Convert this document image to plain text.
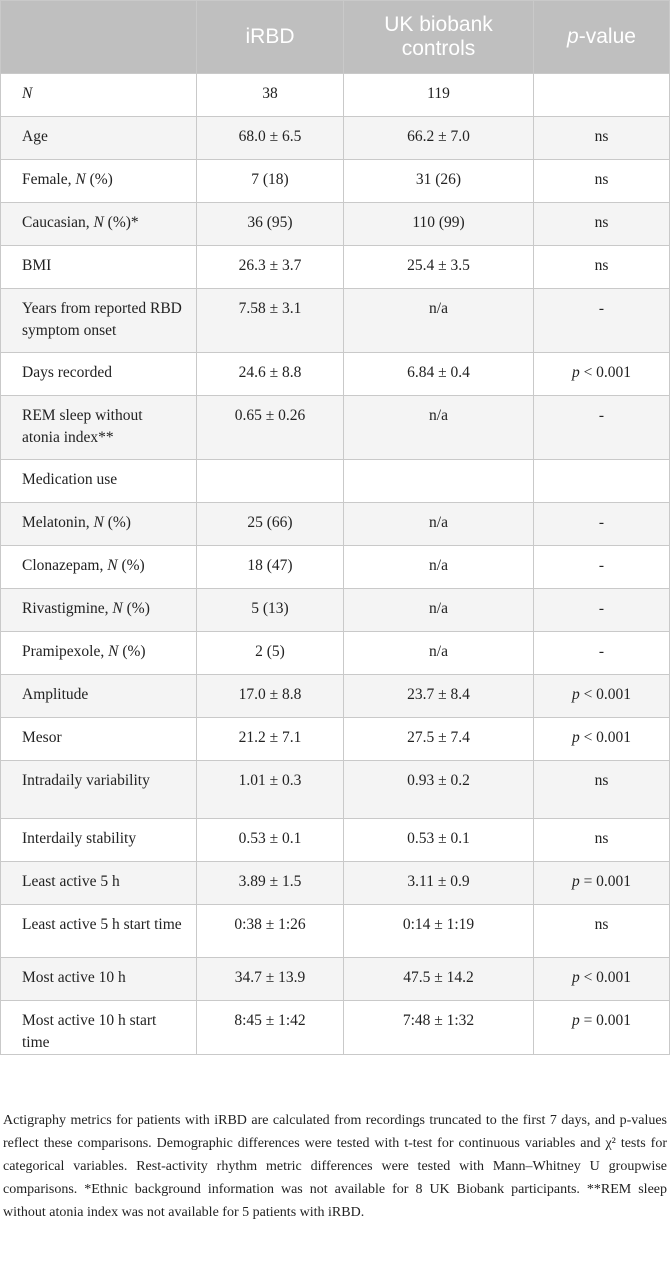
	iRBD	UK biobank controls	p-value
N	38	119	
Age	68.0 ± 6.5	66.2 ± 7.0	ns
Female, N (%)	7 (18)	31 (26)	ns
Caucasian, N (%)*	36 (95)	110 (99)	ns
BMI	26.3 ± 3.7	25.4 ± 3.5	ns
Years from reported RBD symptom onset	7.58 ± 3.1	n/a	-
Days recorded	24.6 ± 8.8	6.84 ± 0.4	p < 0.001
REM sleep without atonia index**	0.65 ± 0.26	n/a	-
Medication use			
Melatonin, N (%)	25 (66)	n/a	-
Clonazepam, N (%)	18 (47)	n/a	-
Rivastigmine, N (%)	5 (13)	n/a	-
Pramipexole, N (%)	2 (5)	n/a	-
Amplitude	17.0 ± 8.8	23.7 ± 8.4	p < 0.001
Mesor	21.2 ± 7.1	27.5 ± 7.4	p < 0.001
Intradaily variability	1.01 ± 0.3	0.93 ± 0.2	ns
Interdaily stability	0.53 ± 0.1	0.53 ± 0.1	ns
Least active 5 h	3.89 ± 1.5	3.11 ± 0.9	p = 0.001
Least active 5 h start time	0:38 ± 1:26	0:14 ± 1:19	ns
Most active 10 h	34.7 ± 13.9	47.5 ± 14.2	p < 0.001
Most active 10 h start time	8:45 ± 1:42	7:48 ± 1:32	p = 0.001
Actigraphy metrics for patients with iRBD are calculated from recordings truncated to the first 7 days, and p-values reflect these comparisons. Demographic differences were tested with t-test for continuous variables and χ² tests for categorical variables. Rest-activity rhythm metric differences were tested with Mann–Whitney U groupwise comparisons. *Ethnic background information was not available for 8 UK Biobank participants. **REM sleep without atonia index was not available for 5 patients with iRBD.
